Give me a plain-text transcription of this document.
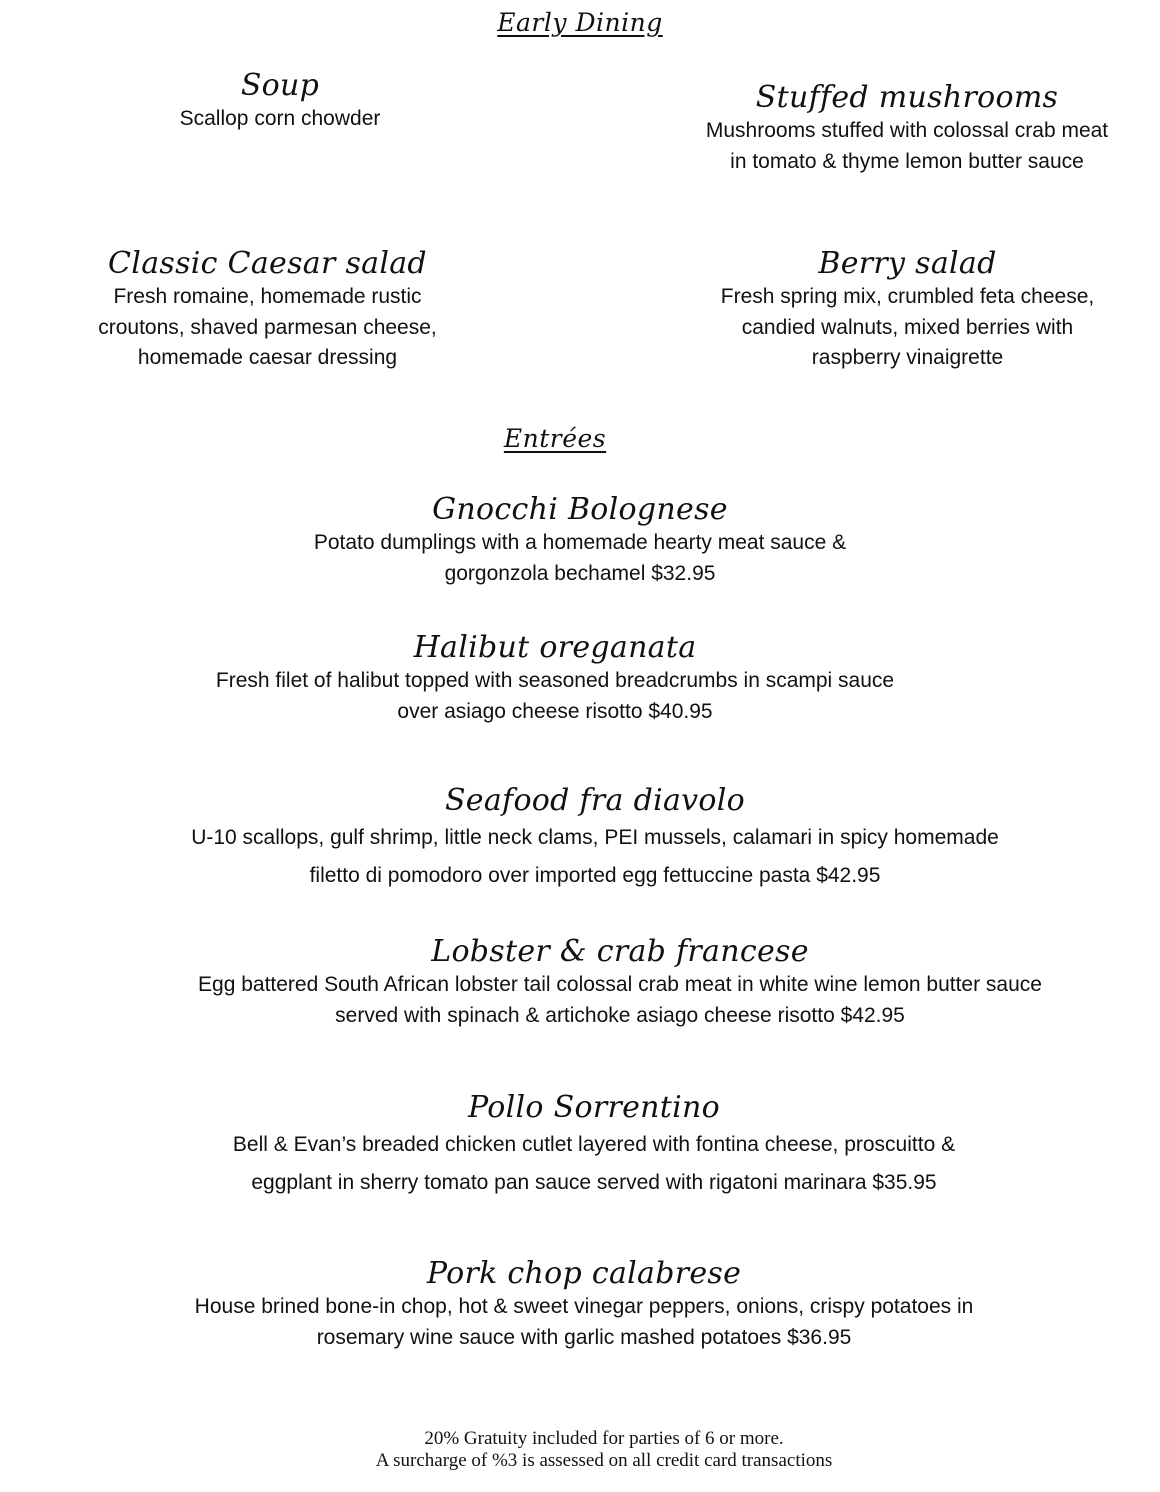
Early Dining
Soup
Scallop corn chowder
Stuffed mushrooms
Mushrooms stuffed with colossal crab meat in tomato & thyme lemon butter sauce
Classic Caesar salad
Fresh romaine, homemade rustic croutons, shaved parmesan cheese, homemade caesar dressing
Berry salad
Fresh spring mix, crumbled feta cheese, candied walnuts, mixed berries with raspberry vinaigrette
Entrées
Gnocchi Bolognese
Potato dumplings with a homemade hearty meat sauce &
gorgonzola bechamel $32.95
Halibut oreganata
Fresh filet of halibut topped with seasoned breadcrumbs in scampi sauce
over asiago cheese risotto $40.95
Seafood fra diavolo
U-10 scallops, gulf shrimp, little neck clams, PEI mussels, calamari in spicy homemade
filetto di pomodoro over imported egg fettuccine pasta $42.95
Lobster & crab francese
Egg battered South African lobster tail colossal crab meat in white wine lemon butter sauce
served with spinach & artichoke asiago cheese risotto $42.95
Pollo Sorrentino
Bell & Evan’s breaded chicken cutlet layered with fontina cheese, proscuitto &
eggplant in sherry tomato pan sauce served with rigatoni marinara $35.95
Pork chop calabrese
House brined bone-in chop, hot & sweet vinegar peppers, onions, crispy potatoes in
rosemary wine sauce with garlic mashed potatoes $36.95
20% Gratuity included for parties of 6 or more.
A surcharge of %3 is assessed on all credit card transactions
